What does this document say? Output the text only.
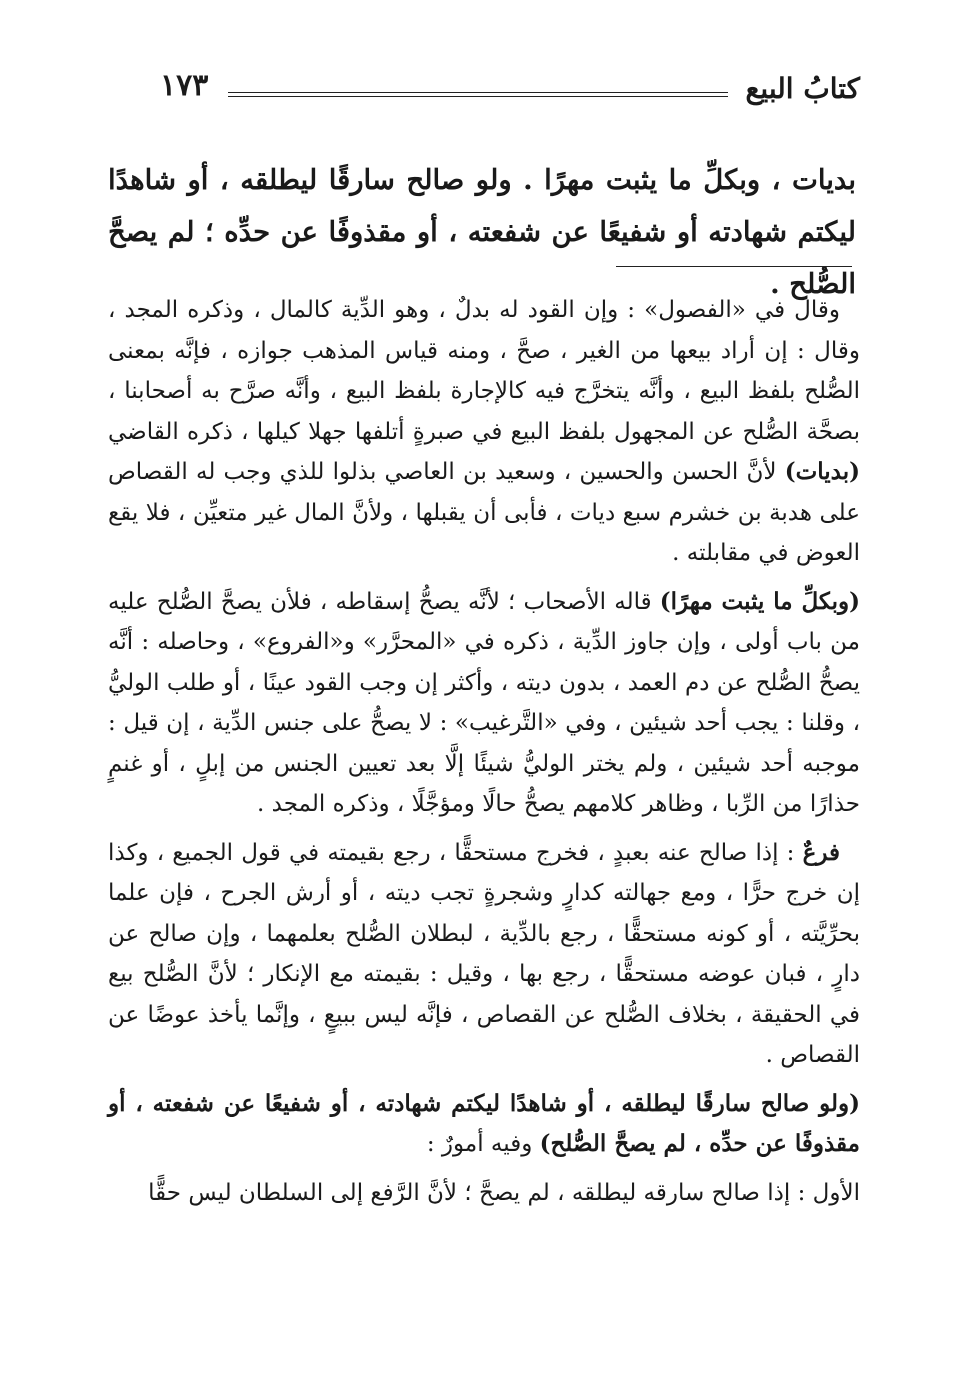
كتابُ البيع
١٧٣

بديات ، وبكلِّ ما يثبت مهرًا . ولو صالح سارقًا ليطلقه ، أو شاهدًا ليكتم شهادته أو شفيعًا عن شفعته ، أو مقذوفًا عن حدِّه ؛ لم يصحَّ الصُّلح .

وقال في «الفصول» : وإن القود له بدلٌ ، وهو الدِّية كالمال ، وذكره المجد ، وقال : إن أراد بيعها من الغير ، صحَّ ، ومنه قياس المذهب جوازه ، فإنَّه بمعنى الصُّلح بلفظ البيع ، وأنَّه يتخرَّج فيه كالإجارة بلفظ البيع ، وأنَّه صرَّح به أصحابنا ، بصحَّة الصُّلح عن المجهول بلفظ البيع في صبرةٍ أتلفها جهلا كيلها ، ذكره القاضي (بديات) لأنَّ الحسن والحسين ، وسعيد بن العاصي بذلوا للذي وجب له القصاص على هدبة بن خشرم سبع ديات ، فأبى أن يقبلها ، ولأنَّ المال غير متعيِّن ، فلا يقع العوض في مقابلته .

(وبكلِّ ما يثبت مهرًا) قاله الأصحاب ؛ لأنَّه يصحُّ إسقاطه ، فلأن يصحَّ الصُّلح عليه من باب أولى ، وإن جاوز الدِّية ، ذكره في «المحرَّر» و«الفروع» ، وحاصله : أنَّه يصحُّ الصُّلح عن دم العمد ، بدون ديته ، وأكثر إن وجب القود عينًا ، أو طلب الوليُّ ، وقلنا : يجب أحد شيئين ، وفي «التَّرغيب» : لا يصحُّ على جنس الدِّية ، إن قيل : موجبه أحد شيئين ، ولم يختر الوليُّ شيئًا إلَّا بعد تعيين الجنس من إبلٍ ، أو غنمٍ حذارًا من الرِّبا ، وظاهر كلامهم يصحُّ حالًا ومؤجَّلًا ، وذكره المجد .

فرعٌ : إذا صالح عنه بعبدٍ ، فخرج مستحقًّا ، رجع بقيمته في قول الجميع ، وكذا إن خرج حرًّا ، ومع جهالته كدارٍ وشجرةٍ تجب ديته ، أو أرش الجرح ، فإن علما بحرِّيَّته ، أو كونه مستحقًّا ، رجع بالدِّية ، لبطلان الصُّلح بعلمهما ، وإن صالح عن دارٍ ، فبان عوضه مستحقًّا ، رجع بها ، وقيل : بقيمته مع الإنكار ؛ لأنَّ الصُّلح بيع في الحقيقة ، بخلاف الصُّلح عن القصاص ، فإنَّه ليس ببيعٍ ، وإنَّما يأخذ عوضًا عن القصاص .

(ولو صالح سارقًا ليطلقه ، أو شاهدًا ليكتم شهادته ، أو شفيعًا عن شفعته ، أو مقذوفًا عن حدِّه ، لم يصحَّ الصُّلح) وفيه أمورٌ :

الأول : إذا صالح سارقه ليطلقه ، لم يصحَّ ؛ لأنَّ الرَّفع إلى السلطان ليس حقًّا
